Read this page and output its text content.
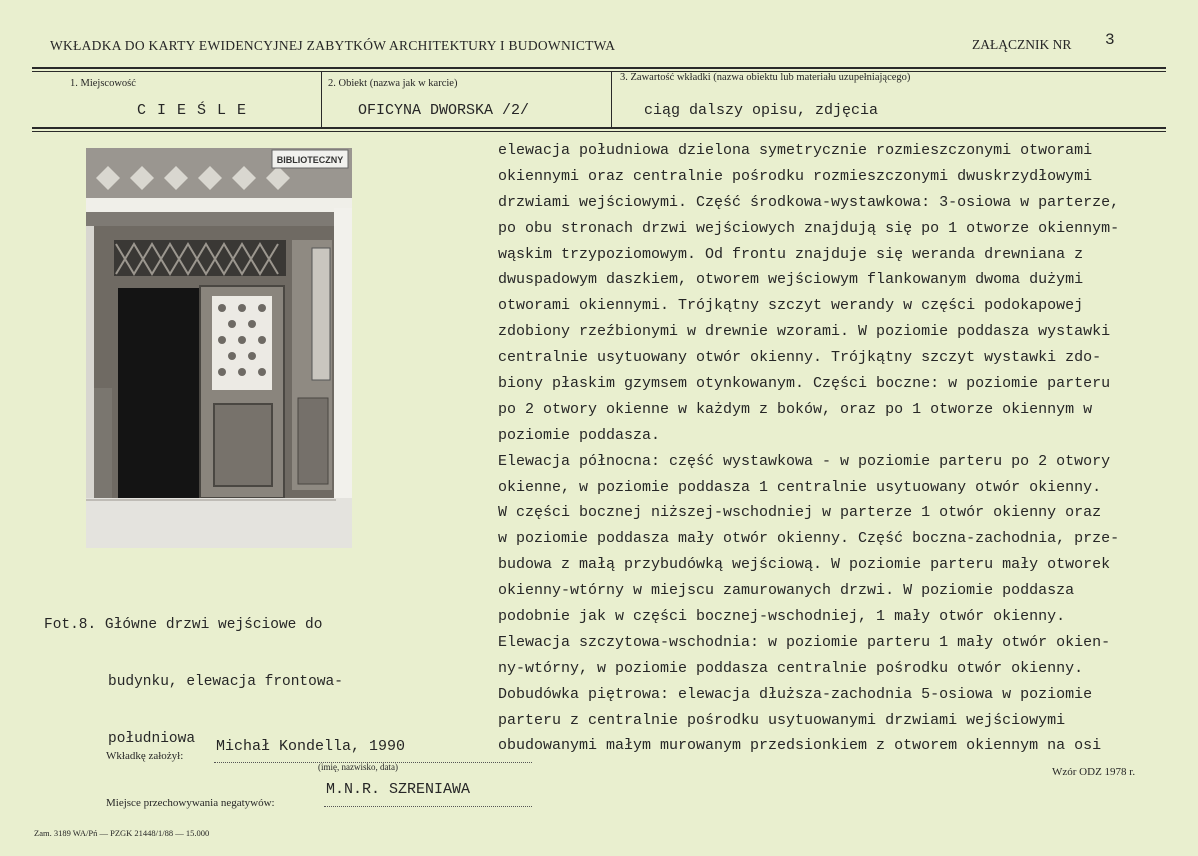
WKŁADKA DO KARTY EWIDENCYJNEJ ZABYTKÓW ARCHITEKTURY I BUDOWNICTWA	ZAŁĄCZNIK NR 3
1. Miejscowość
C I E Ś L E
2. Obiekt (nazwa jak w karcie)
OFICYNA DWORSKA /2/
3. Zawartość wkładki (nazwa obiektu lub materiału uzupełniającego)
ciąg dalszy opisu, zdjęcia
BIBLIOTECZNY

Fot.8. Główne drzwi wejściowe do

budynku, elewacja frontowa-

południowa

elewacja południowa dzielona symetrycznie rozmieszczonymi otworami
okiennymi oraz centralnie pośrodku rozmieszczonymi dwuskrzydłowymi
drzwiami wejściowymi. Część środkowa-wystawkowa: 3-osiowa w parterze,
po obu stronach drzwi wejściowych znajdują się po 1 otworze okiennym-
wąskim trzypoziomowym. Od frontu znajduje się weranda drewniana z
dwuspadowym daszkiem, otworem wejściowym flankowanym dwoma dużymi
otworami okiennymi. Trójkątny szczyt werandy w części podokapowej
zdobiony rzeźbionymi w drewnie wzorami. W poziomie poddasza wystawki
centralnie usytuowany otwór okienny. Trójkątny szczyt wystawki zdo-
biony płaskim gzymsem otynkowanym. Części boczne: w poziomie parteru
po 2 otwory okienne w każdym z boków, oraz po 1 otworze okiennym w
poziomie poddasza.
Elewacja północna: część wystawkowa - w poziomie parteru po 2 otwory
okienne, w poziomie poddasza 1 centralnie usytuowany otwór okienny.
W części bocznej niższej-wschodniej w parterze 1 otwór okienny oraz
w poziomie poddasza mały otwór okienny. Część boczna-zachodnia, prze-
budowa z małą przybudówką wejściową. W poziomie parteru mały otworek
okienny-wtórny w miejscu zamurowanych drzwi. W poziomie poddasza
podobnie jak w części bocznej-wschodniej, 1 mały otwór okienny.
Elewacja szczytowa-wschodnia: w poziomie parteru 1 mały otwór okien-
ny-wtórny, w poziomie poddasza centralnie pośrodku otwór okienny.
Dobudówka piętrowa: elewacja dłuższa-zachodnia 5-osiowa w poziomie
parteru z centralnie pośrodku usytuowanymi drzwiami wejściowymi
obudowanymi małym murowanym przedsionkiem z otworem okiennym na osi
Wkładkę założył:
Michał Kondella, 1990
(imię, nazwisko, data)	Wzór ODZ 1978 r.
Miejsce przechowywania negatywów:
M.N.R. SZRENIAWA
Zam. 3189 WA/Pń — PZGK 21448/1/88 — 15.000
